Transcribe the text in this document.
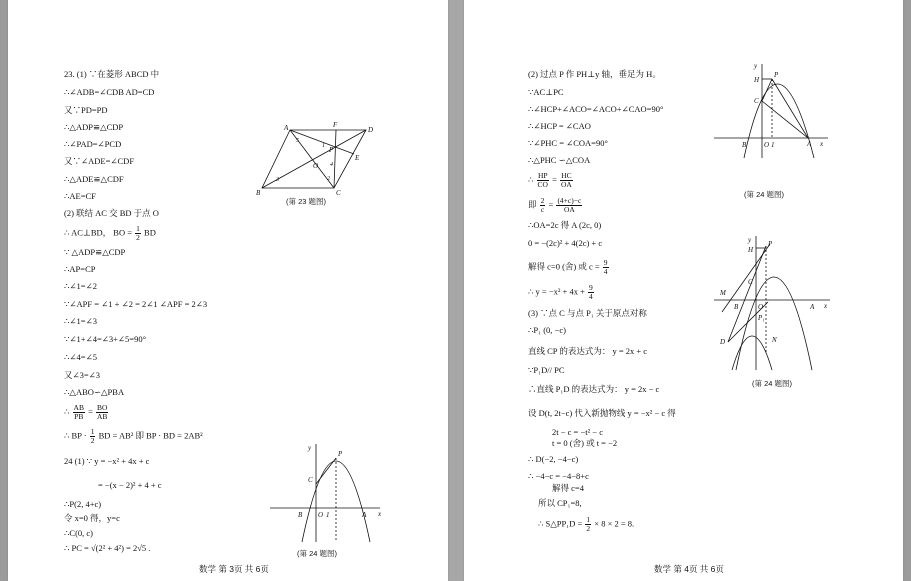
23. (1) ∵在菱形 ABCD 中
∴∠ADB=∠CDB AD=CD
又∵PD=PD
∴△ADP≌△CDP
∴∠PAD=∠PCD
又∵∠ADE=∠CDF
∴△ADE≌△CDF
∴AE=CF
(2) 联结 AC 交 BD 于点 O
∴ AC⊥BD， BO = $\frac{1}{2}$ BD
∵ △ADP≌△CDP
∴AP=CP
∴∠1=∠2
∵∠APF = ∠1 + ∠2 = 2∠1 ∠APF = 2∠3
∴∠1=∠3
∵∠1+∠4=∠3+∠5=90°
∴∠4=∠5
又∠3=∠3
∴△ABO∽△PBA
∴ $\frac{AB}{PB} = \frac{BO}{AB}$
∴ BP · $\frac{1}{2}$ BD = AB² 即 BP · BD = 2AB²
A	D
B	C
E
F
O
P
5
1
2
3
4
(第 23 题图)
24 (1) ∵ y = −x² + 4x + c
= −(x − 2)² + 4 + c
∴P(2, 4+c)
令 x=0 得，y=c
∴C(0, c)
∴ PC = √(2² + 4²) = 2√5 .
y
x
P
C
B	A
O 1
(第 24 题图)
数学 第 3页 共 6页
(2) 过点 P 作 PH⊥y 轴，垂足为 H。
∵AC⊥PC
∴∠HCP+∠ACO=∠ACO+∠CAO=90°
∴∠HCP = ∠CAO
∵∠PHC = ∠COA=90°
∴△PHC ∽△COA
∴ $\frac{HP}{CO} = \frac{HC}{OA}$
即 $\frac{2}{c} = \frac{(4+c)-c}{OA}$
∴OA=2c 得 A (2c, 0)
0 = −(2c)² + 4(2c) + c
解得 c=0 (舍) 或 $c = \frac{9}{4}$
∴ $y = -x^2 + 4x + \frac{9}{4}$
(3) ∵点 C 与点 P₁ 关于原点对称
∴P₁ (0, −c)
直线 CP 的表达式为： y = 2x + c
∵P₁D// PC
∴直线 P₁D 的表达式为： y = 2x − c
设 D(t, 2t−c) 代入新抛物线 y = −x² − c 得
2t − c = −t² − c
t = 0 (舍) 或 t = −2
∴ D(−2, −4−c)
∴ −4−c = −4−8+c
解得 c=4
所以 CP₁=8,
∴ S△PP₁D = $\frac{1}{2} \times 8 \times 2 = 8$.
y
x
H
P
C
B	O 1	A
(第 24 题图)
y
x
H
P
M
C
B	O
P₁
A
D	N
(第 24 题图)
数学 第 4页 共 6页
